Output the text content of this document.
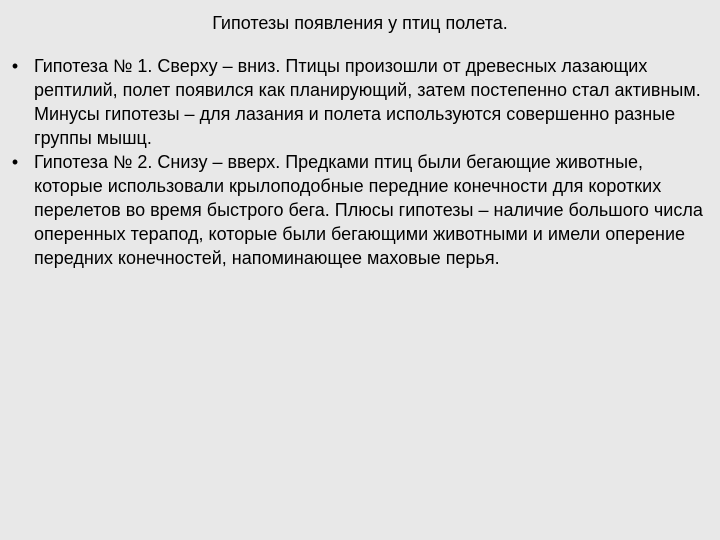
Гипотезы появления у птиц полета.
• Гипотеза № 1. Сверху – вниз. Птицы произошли от древесных лазающих рептилий, полет появился как планирующий, затем постепенно стал активным. Минусы гипотезы – для лазания и полета используются совершенно разные группы мышц.
• Гипотеза № 2. Снизу – вверх. Предками птиц были бегающие животные, которые использовали крылоподобные передние конечности для коротких перелетов во время быстрого бега. Плюсы гипотезы – наличие большого числа оперенных терапод, которые были бегающими животными и имели оперение передних конечностей, напоминающее маховые перья.
